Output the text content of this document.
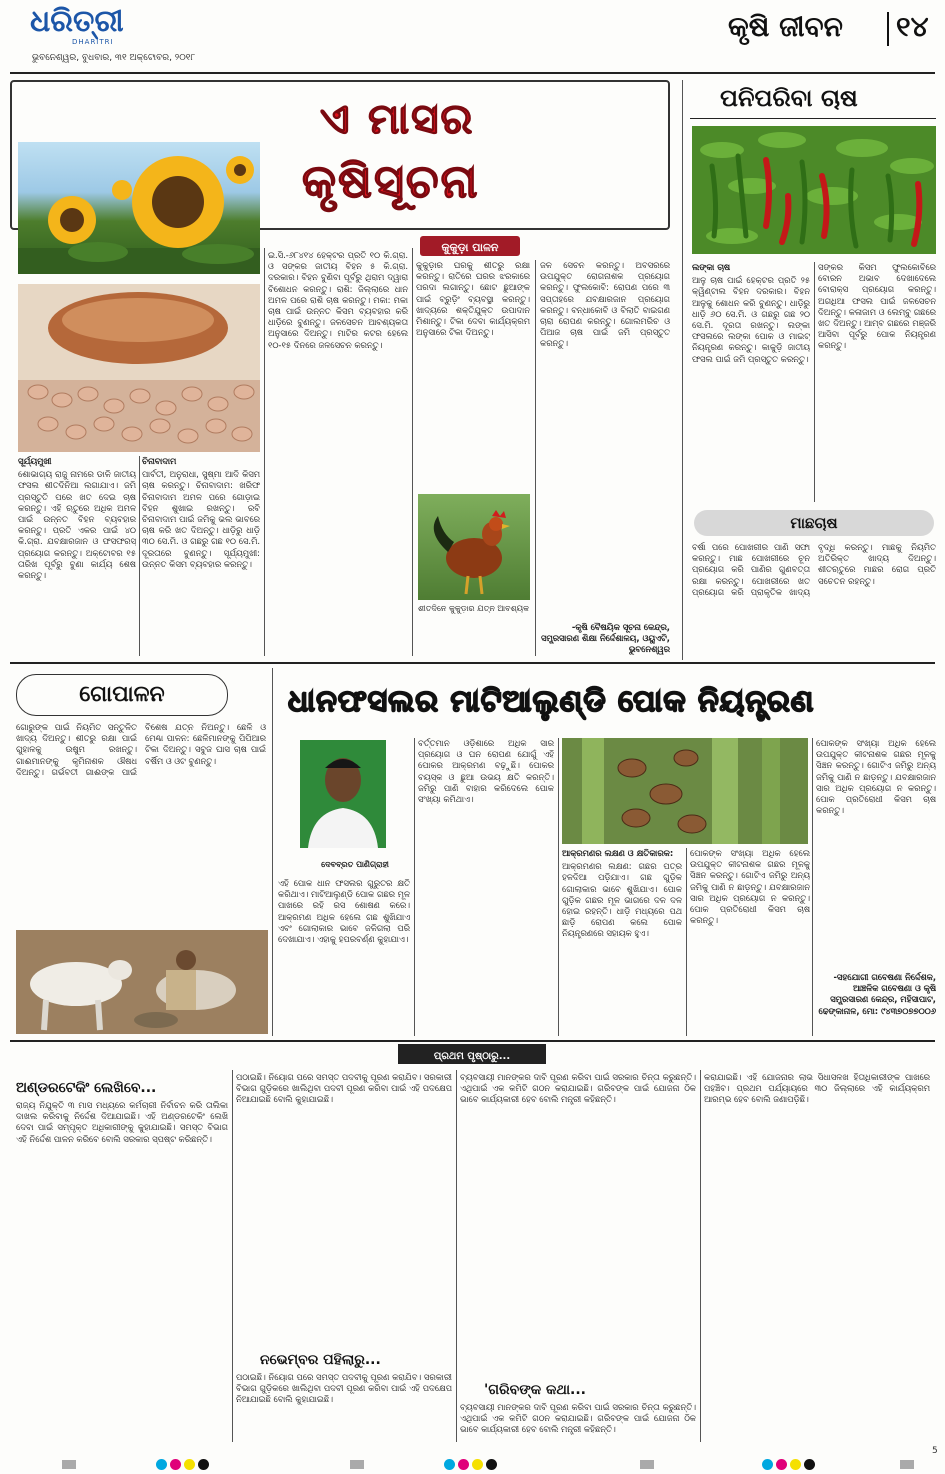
ଧରିତ୍ରୀ
DHARITRI
ଭୁବନେଶ୍ୱର, ବୁଧବାର, ୩୧ ଅକ୍ଟୋବର, ୨୦୧୮
କୃଷି ଜୀବନ ୧୪
ଏ ମାସର
କୃଷିସୂଚନା

ସୂର୍ଯ୍ୟମୁଖୀ

ଶୋଭାଗ୍ୟ ରାଜୁ ନାମରେ ଡାଳି ଜାତୀୟ ଫସଲ ଶୀତଦିନିଆ ଲଗାଯାଏ। ଜମି ପ୍ରସ୍ତୁତି ପରେ ଖତ ଦେଇ ଚାଷ କରନ୍ତୁ। ଏହି ଋତୁରେ ଅଧିକ ଅମଳ ପାଇଁ ଉନ୍ନତ ବିହନ ବ୍ୟବହାର କରନ୍ତୁ। ପ୍ରତି ଏକର ପାଇଁ ୪୦ କି.ଗ୍ରା. ଯବକ୍ଷାରଜାନ ଓ ଫସଫରସ୍ ପ୍ରୟୋଗ କରନ୍ତୁ। ଅକ୍ଟୋବର ୧୫ ତାରିଖ ପୂର୍ବରୁ ବୁଣା କାର୍ଯ୍ୟ ଶେଷ କରନ୍ତୁ।

ଚିନାବାଦାମ

ପାର୍ବତୀ, ଅନୁରାଧା, ସୁଷ୍ମା ଆଦି କିସମ ଚାଷ କରନ୍ତୁ। ଚିନାବାଦାମ: ଖରିଫ ଚିନାବାଦାମ ଅମଳ ପରେ ଗୋଡ଼ାଇ ବିହନ ଶୁଖାଇ ରଖନ୍ତୁ। ରବି ଚିନାବାଦାମ ପାଇଁ ଜମିକୁ ଭଲ ଭାବରେ ଚାଷ କରି ଖତ ଦିଅନ୍ତୁ। ଧାଡ଼ିରୁ ଧାଡ଼ି ୩୦ ସେ.ମି. ଓ ଗଛରୁ ଗଛ ୧୦ ସେ.ମି. ଦୂରତାରେ ବୁଣନ୍ତୁ। ସୂର୍ଯ୍ୟମୁଖୀ: ଉନ୍ନତ କିସମ ବ୍ୟବହାର କରନ୍ତୁ।

ଇ.ସି.-୬୮୪୧୪ ହେକ୍ଟର ପ୍ରତି ୧୦ କି.ଗ୍ରା. ଓ ସଙ୍କର ଜାତୀୟ ବିହନ ୫ କି.ଗ୍ରା. ଦରକାର। ବିହନ ବୁଣିବା ପୂର୍ବରୁ ଥିରାମ ଦ୍ୱାରା ବିଶୋଧନ କରନ୍ତୁ। ରାଶି: ଜିଲ୍ଲାରେ ଧାନ ଅମଳ ପରେ ରାଶି ଚାଷ କରନ୍ତୁ। ମକା: ମକା ଚାଷ ପାଇଁ ଉନ୍ନତ କିସମ ବ୍ୟବହାର କରି ଧାଡ଼ିରେ ବୁଣନ୍ତୁ। ଜଳସେଚନ ଆବଶ୍ୟକତା ଅନୁସାରେ ଦିଅନ୍ତୁ। ମାଟିର କଟର ହେଲେ ୧୦-୧୫ ଦିନରେ ଜଳସେଚନ କରନ୍ତୁ।

କୁକୁଡ଼ା ପାଳନ

କୁକୁଡ଼ାର ଘରକୁ ଶୀତରୁ ରକ୍ଷା କରନ୍ତୁ। ରାତିରେ ଘରର ଝରକାରେ ପରଦା ଲଗାନ୍ତୁ। ଛୋଟ ଛୁଆଙ୍କ ପାଇଁ ବ୍ରୁଡ଼ିଂ ବ୍ୟବସ୍ଥା କରନ୍ତୁ। ଖାଦ୍ୟରେ ଶକ୍ତିଯୁକ୍ତ ଉପାଦାନ ମିଶାନ୍ତୁ। ଟିକା ଦେବା କାର୍ଯ୍ୟକ୍ରମ ଅନୁସାରେ ଟିକା ଦିଅନ୍ତୁ।

ଶୀତଦିନେ କୁକୁଡ଼ାର ଯତ୍ନ ଆବଶ୍ୟକ

ଜଳ ସେଚନ କରନ୍ତୁ। ଅବସରରେ ଉପଯୁକ୍ତ ରୋଗନାଶକ ପ୍ରୟୋଗ କରନ୍ତୁ। ଫୁଲକୋବି: ରୋପଣ ପରେ ୩ ସପ୍ତାହରେ ଯବକ୍ଷାରଜାନ ପ୍ରୟୋଗ କରନ୍ତୁ। ବନ୍ଧାକୋବି ଓ ବିଲାତି ବାଇଗଣ ଚାରା ରୋପଣ କରନ୍ତୁ। ଗୋଲମରିଚ ଓ ପିଆଜ ଚାଷ ପାଇଁ ଜମି ପ୍ରସ୍ତୁତ କରନ୍ତୁ।

-କୃଷି ବୈଷୟିକ ସୂଚନା କେନ୍ଦ୍ର, ସମ୍ପ୍ରସାରଣ ଶିକ୍ଷା ନିର୍ଦ୍ଦେଶାଳୟ, ଓୟୁଏଟି, ଭୁବନେଶ୍ୱର
ପନିପରିବା ଚାଷ

ଲଙ୍କା ଚାଷ

ଆଳୁ ଚାଷ ପାଇଁ ହେକ୍ଟର ପ୍ରତି ୨୫ କ୍ୱିଣ୍ଟାଲ ବିହନ ଦରକାର। ବିହନ ଆଳୁକୁ ଶୋଧନ କରି ବୁଣନ୍ତୁ। ଧାଡ଼ିରୁ ଧାଡ଼ି ୬୦ ସେ.ମି. ଓ ଗଛରୁ ଗଛ ୨୦ ସେ.ମି. ଦୂରତା ରଖନ୍ତୁ। ଲଙ୍କା ଫସଲରେ ଲଙ୍କା ପୋକ ଓ ମାଇଟ୍ ନିୟନ୍ତ୍ରଣ କରନ୍ତୁ। କାକୁଡ଼ି ଜାତୀୟ ଫସଲ ପାଇଁ ଜମି ପ୍ରସ୍ତୁତ କରନ୍ତୁ।

ସଙ୍କର କିସମ ଫୁଲକୋବିରେ ବୋରନ ଅଭାବ ଦେଖାଦେଲେ ବୋରାକ୍ସ ପ୍ରୟୋଗ କରନ୍ତୁ। ଅଗଧିଆ ଫସଲ ପାଇଁ ଜଳସେଚନ ଦିଅନ୍ତୁ। କଳାଜାମ ଓ ଲେମ୍ବୁ ଗଛରେ ଖତ ଦିଅନ୍ତୁ। ଆମ୍ବ ଗଛରେ ମଞ୍ଜରି ଆସିବା ପୂର୍ବରୁ ପୋକ ନିୟନ୍ତ୍ରଣ କରନ୍ତୁ।

ମାଛଚାଷ

ବର୍ଷା ପରେ ପୋଖରୀର ପାଣି ସଫା କରନ୍ତୁ। ମାଛ ପୋଖରୀରେ ଚୂନ ପ୍ରୟୋଗ କରି ପାଣିର ଗୁଣବତ୍ତା ରକ୍ଷା କରନ୍ତୁ। ପୋଖରୀରେ ଖତ ପ୍ରୟୋଗ କରି ପ୍ରାକୃତିକ ଖାଦ୍ୟ ବୃଦ୍ଧି କରନ୍ତୁ। ମାଛକୁ ନିୟମିତ ଅତିରିକ୍ତ ଖାଦ୍ୟ ଦିଅନ୍ତୁ। ଶୀତଋତୁରେ ମାଛର ରୋଗ ପ୍ରତି ସଚେତନ ରହନ୍ତୁ।

ଗୋପାଳନ

ଗୋରୁଙ୍କ ପାଇଁ ନିୟମିତ ସନ୍ତୁଳିତ ଖାଦ୍ୟ ଦିଅନ୍ତୁ। ଶୀତରୁ ରକ୍ଷା ପାଇଁ ଗୁହାଳକୁ ଉଷୁମ ରଖନ୍ତୁ। ଗାଈମାନଙ୍କୁ କୃମିନାଶକ ଔଷଧ ଦିଅନ୍ତୁ। ଗର୍ଭବତୀ ଗାଈଙ୍କ ପାଇଁ ବିଶେଷ ଯତ୍ନ ନିଅନ୍ତୁ। ଛେଳି ଓ ମେଣ୍ଢା ପାଳନ: ଛେଳିମାନଙ୍କୁ ପିପିଆର ଟିକା ଦିଅନ୍ତୁ। ସବୁଜ ଘାସ ଚାଷ ପାଇଁ ବର୍ଷିମ ଓ ଓଟ ବୁଣନ୍ତୁ।

ଧାନଫସଲର ମାଟିଆଲୁଣ୍ଡି ପୋକ ନିୟନ୍ତ୍ରଣ
ଦେବବ୍ରତ ପାଣିଗ୍ରାହୀ

ଏହି ପୋକ ଧାନ ଫସଲର ଗୁରୁତର କ୍ଷତି କରିଥାଏ। ମାଟିଆଲୁଣ୍ଡି ପୋକ ଗଛର ମୂଳ ପାଖରେ ରହି ରସ ଶୋଷଣ କରେ। ଆକ୍ରମଣ ଅଧିକ ହେଲେ ଗଛ ଶୁଖିଯାଏ ଏବଂ ଗୋଲାକାର ଭାବେ ଜଳିଗଲା ପରି ଦେଖାଯାଏ। ଏହାକୁ ହପରବର୍ଣ୍ଣ କୁହାଯାଏ।

ବର୍ତ୍ତମାନ ଓଡ଼ିଶାରେ ଅଧିକ ସାର ପ୍ରୟୋଗ ଓ ଘନ ରୋପଣ ଯୋଗୁଁ ଏହି ପୋକର ଆକ୍ରମଣ ବଢ଼ୁଛି। ପୋକର ବୟସ୍କ ଓ ଛୁଆ ଉଭୟ କ୍ଷତି କରନ୍ତି। ଜମିରୁ ପାଣି ବାହାର କରିଦେଲେ ପୋକ ସଂଖ୍ୟା କମିଥାଏ।

ଆକ୍ରମଣର ଲକ୍ଷଣ ଓ କ୍ଷତିକାରକ:

ଆକ୍ରମଣର ଲକ୍ଷଣ: ଗଛର ପତ୍ର ହଳଦିଆ ପଡ଼ିଯାଏ। ଗଛ ଗୁଡ଼ିକ ଗୋଲାକାର ଭାବେ ଶୁଖିଯାଏ। ପୋକ ଗୁଡ଼ିକ ଗଛର ମୂଳ ଭାଗରେ ଦଳ ଦଳ ହୋଇ ରହନ୍ତି। ଧାଡ଼ି ମଧ୍ୟରେ ପଥ ଛାଡ଼ି ରୋପଣ କଲେ ପୋକ ନିୟନ୍ତ୍ରଣରେ ସହାୟକ ହୁଏ।

ପୋକଙ୍କ ସଂଖ୍ୟା ଅଧିକ ହେଲେ ଉପଯୁକ୍ତ କୀଟନାଶକ ଗଛର ମୂଳକୁ ସିଞ୍ଚନ କରନ୍ତୁ। ଗୋଟିଏ ଜମିରୁ ଅନ୍ୟ ଜମିକୁ ପାଣି ନ ଛାଡ଼ନ୍ତୁ। ଯବକ୍ଷାରଜାନ ସାର ଅଧିକ ପ୍ରୟୋଗ ନ କରନ୍ତୁ। ପୋକ ପ୍ରତିରୋଧୀ କିସମ ଚାଷ କରନ୍ତୁ।

ପୋକଙ୍କ ସଂଖ୍ୟା ଅଧିକ ହେଲେ ଉପଯୁକ୍ତ କୀଟନାଶକ ଗଛର ମୂଳକୁ ସିଞ୍ଚନ କରନ୍ତୁ। ଗୋଟିଏ ଜମିରୁ ଅନ୍ୟ ଜମିକୁ ପାଣି ନ ଛାଡ଼ନ୍ତୁ। ଯବକ୍ଷାରଜାନ ସାର ଅଧିକ ପ୍ରୟୋଗ ନ କରନ୍ତୁ। ପୋକ ପ୍ରତିରୋଧୀ କିସମ ଚାଷ କରନ୍ତୁ।

-ସହଯୋଗୀ ଗବେଷଣା ନିର୍ଦ୍ଦେଶକ, ଆଞ୍ଚଳିକ ଗବେଷଣା ଓ କୃଷି ସମ୍ପ୍ରସାରଣ କେନ୍ଦ୍ର, ମହିସାପାଟ, ଢେଙ୍କାନାଳ, ମୋ: ୯୪୩୭୦୭୭୦୦୬
ପ୍ରଥମ ପୃଷ୍ଠାରୁ...
ଅଣ୍ଡରଟେକିଂ ଲେଖିବେ...

ରାଜ୍ୟ ନିଯୁକ୍ତି ୩ ମାସ ମଧ୍ୟରେ କର୍ମଚାରୀ ନିର୍ବାଚନ କରି ତାଲିକା ଦାଖଲ କରିବାକୁ ନିର୍ଦ୍ଦେଶ ଦିଆଯାଇଛି। ଏହି ଅଣ୍ଡରଟେକିଂ ଲେଖି ଦେବା ପାଇଁ ସମ୍ପୃକ୍ତ ଅଧିକାରୀଙ୍କୁ କୁହାଯାଇଛି। ସମସ୍ତ ବିଭାଗ ଏହି ନିର୍ଦ୍ଦେଶ ପାଳନ କରିବେ ବୋଲି ସରକାର ସ୍ପଷ୍ଟ କରିଛନ୍ତି।

ପଠାଇଛି। ନିୟୋଗ ପରେ ସମସ୍ତ ପଦବୀକୁ ପୂରଣ କରାଯିବ। ସରକାରୀ ବିଭାଗ ଗୁଡ଼ିକରେ ଖାଲିଥିବା ପଦବୀ ପୂରଣ କରିବା ପାଇଁ ଏହି ପଦକ୍ଷେପ ନିଆଯାଇଛି ବୋଲି କୁହାଯାଇଛି।

ନଭେମ୍ବର ପହିଲାରୁ...

ପଠାଇଛି। ନିୟୋଗ ପରେ ସମସ୍ତ ପଦବୀକୁ ପୂରଣ କରାଯିବ। ସରକାରୀ ବିଭାଗ ଗୁଡ଼ିକରେ ଖାଲିଥିବା ପଦବୀ ପୂରଣ କରିବା ପାଇଁ ଏହି ପଦକ୍ଷେପ ନିଆଯାଇଛି ବୋଲି କୁହାଯାଇଛି।

ବ୍ୟବସାୟୀ ମାନଙ୍କର ଦାବି ପୂରଣ କରିବା ପାଇଁ ସରକାର ଚିନ୍ତା କରୁଛନ୍ତି। ଏଥିପାଇଁ ଏକ କମିଟି ଗଠନ କରାଯାଇଛି। ଗରିବଙ୍କ ପାଇଁ ଯୋଜନା ଠିକ ଭାବେ କାର୍ଯ୍ୟକାରୀ ହେବ ବୋଲି ମନ୍ତ୍ରୀ କହିଛନ୍ତି।

'ଗରିବଙ୍କ କଥା...

ବ୍ୟବସାୟୀ ମାନଙ୍କର ଦାବି ପୂରଣ କରିବା ପାଇଁ ସରକାର ଚିନ୍ତା କରୁଛନ୍ତି। ଏଥିପାଇଁ ଏକ କମିଟି ଗଠନ କରାଯାଇଛି। ଗରିବଙ୍କ ପାଇଁ ଯୋଜନା ଠିକ ଭାବେ କାର୍ଯ୍ୟକାରୀ ହେବ ବୋଲି ମନ୍ତ୍ରୀ କହିଛନ୍ତି।

କରାଯାଇଛି। ଏହି ଯୋଜନାର ଲାଭ ସିଧାସଳଖ ହିତାଧିକାରୀଙ୍କ ପାଖରେ ପହଞ୍ଚିବ। ପ୍ରଥମ ପର୍ଯ୍ୟାୟରେ ୩୦ ଜିଲ୍ଲାରେ ଏହି କାର୍ଯ୍ୟକ୍ରମ ଆରମ୍ଭ ହେବ ବୋଲି ଜଣାପଡ଼ିଛି।

5
